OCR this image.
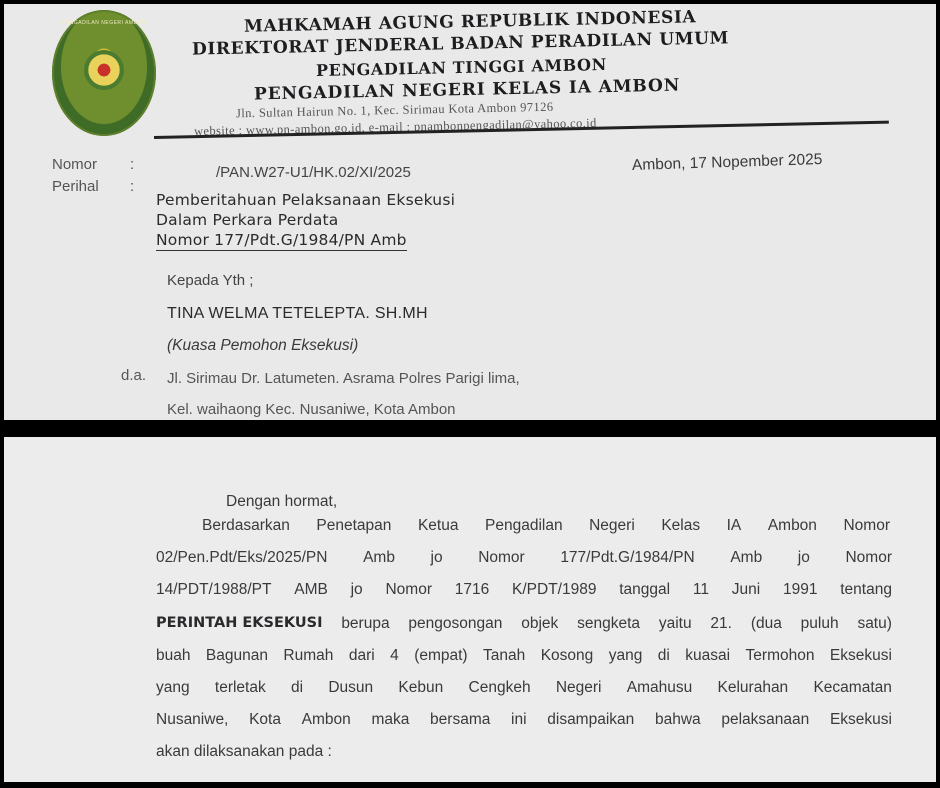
PENGADILAN NEGERI AMBON	MAHKAMAH AGUNG REPUBLIK INDONESIA
DIREKTORAT JENDERAL BADAN PERADILAN UMUM
PENGADILAN TINGGI AMBON
PENGADILAN NEGERI KELAS IA AMBON
Jln. Sultan Hairun No. 1, Kec. Sirimau Kota Ambon 97126
website : www.pn-ambon.go.id, e-mail : pnambonpengadilan@yahoo.co.id
Nomor :	/PAN.W27-U1/HK.02/XI/2025	Ambon, 17 Nopember 2025
Perihal :
Pemberitahuan Pelaksanaan Eksekusi
Dalam Perkara Perdata
Nomor 177/Pdt.G/1984/PN Amb
Kepada Yth ;
TINA WELMA TETELEPTA. SH.MH
(Kuasa Pemohon Eksekusi)
d.a. Jl. Sirimau Dr. Latumeten. Asrama Polres Parigi lima,
Kel. waihaong Kec. Nusaniwe, Kota Ambon
Dengan hormat,
Berdasarkan Penetapan Ketua Pengadilan Negeri Kelas IA Ambon Nomor
02/Pen.Pdt/Eks/2025/PN Amb jo Nomor 177/Pdt.G/1984/PN Amb jo Nomor
14/PDT/1988/PT AMB jo Nomor 1716 K/PDT/1989 tanggal 11 Juni 1991 tentang
PERINTAH EKSEKUSI berupa pengosongan objek sengketa yaitu 21. (dua puluh satu)
buah Bagunan Rumah dari 4 (empat) Tanah Kosong yang di kuasai Termohon Eksekusi
yang terletak di Dusun Kebun Cengkeh Negeri Amahusu Kelurahan Kecamatan
Nusaniwe, Kota Ambon maka bersama ini disampaikan bahwa pelaksanaan Eksekusi
akan dilaksanakan pada :
